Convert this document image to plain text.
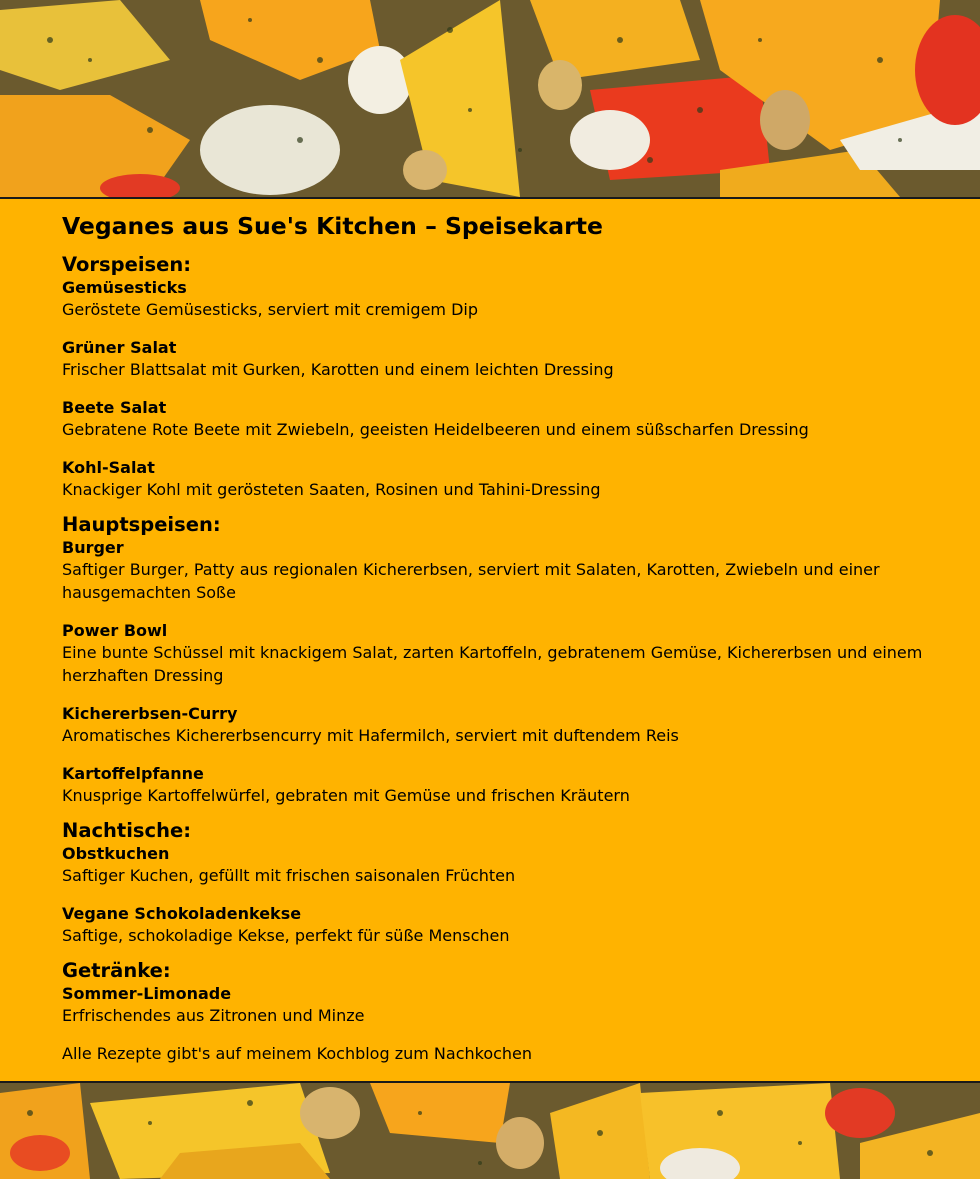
Veganes aus Sue's Kitchen – Speisekarte
Vorspeisen:
Gemüsesticks
Geröstete Gemüsesticks, serviert mit cremigem Dip
Grüner Salat
Frischer Blattsalat mit Gurken, Karotten und einem leichten Dressing
Beete Salat
Gebratene Rote Beete mit Zwiebeln, geeisten Heidelbeeren und einem süßscharfen Dressing
Kohl-Salat
Knackiger Kohl mit gerösteten Saaten, Rosinen und Tahini-Dressing
Hauptspeisen:
Burger
Saftiger Burger, Patty aus regionalen Kichererbsen, serviert mit Salaten, Karotten, Zwiebeln und einer hausgemachten Soße
Power Bowl
Eine bunte Schüssel mit knackigem Salat, zarten Kartoffeln, gebratenem Gemüse, Kichererbsen und einem herzhaften Dressing
Kichererbsen-Curry
Aromatisches Kichererbsencurry mit Hafermilch, serviert mit duftendem Reis
Kartoffelpfanne
Knusprige Kartoffelwürfel, gebraten mit Gemüse und frischen Kräutern
Nachtische:
Obstkuchen
Saftiger Kuchen, gefüllt mit frischen saisonalen Früchten
Vegane Schokoladenkekse
Saftige, schokoladige Kekse, perfekt für süße Menschen
Getränke:
Sommer-Limonade
Erfrischendes aus Zitronen und Minze
Alle Rezepte gibt's auf meinem Kochblog zum Nachkochen
